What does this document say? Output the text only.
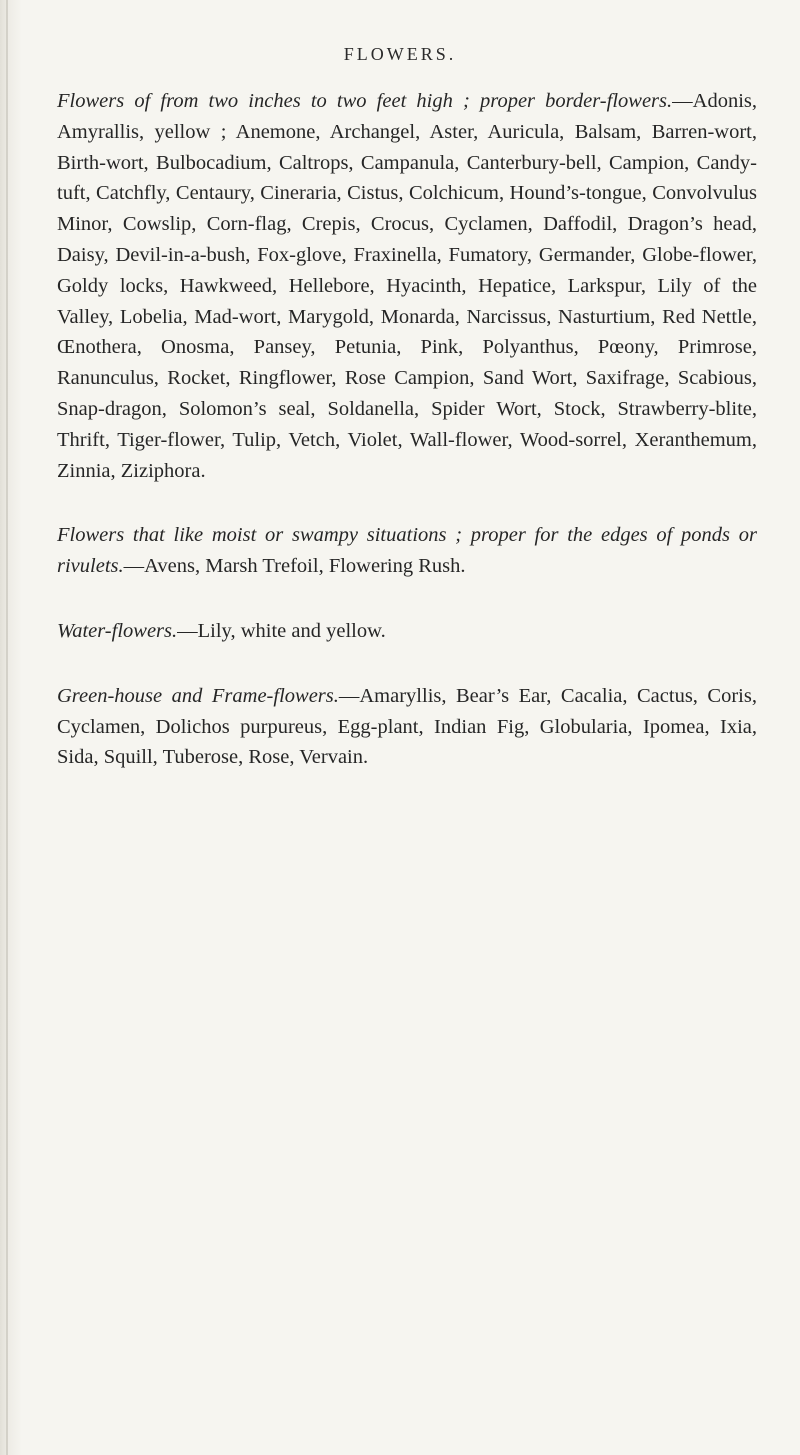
FLOWERS.

Flowers of from two inches to two feet high ; proper border-flowers.—Adonis, Amyrallis, yellow ; Anemone, Archangel, Aster, Auricula, Balsam, Barren-wort, Birth-wort, Bulbocadium, Caltrops, Campanula, Canterbury-bell, Campion, Candy-tuft, Catchfly, Centaury, Cineraria, Cistus, Colchicum, Hound’s-tongue, Convolvulus Minor, Cowslip, Corn-flag, Crepis, Crocus, Cyclamen, Daffodil, Dragon’s head, Daisy, Devil-in-a-bush, Fox-glove, Fraxinella, Fumatory, Germander, Globe-flower, Goldy locks, Hawkweed, Hellebore, Hyacinth, Hepatice, Larkspur, Lily of the Valley, Lobelia, Mad-wort, Marygold, Monarda, Narcissus, Nasturtium, Red Nettle, Œnothera, Onosma, Pansey, Petunia, Pink, Polyanthus, Pœony, Primrose, Ranunculus, Rocket, Ringflower, Rose Campion, Sand Wort, Saxifrage, Scabious, Snap-dragon, Solomon’s seal, Soldanella, Spider Wort, Stock, Strawberry-blite, Thrift, Tiger-flower, Tulip, Vetch, Violet, Wall-flower, Wood-sorrel, Xeranthemum, Zinnia, Ziziphora.

Flowers that like moist or swampy situations ; proper for the edges of ponds or rivulets.—Avens, Marsh Trefoil, Flowering Rush.

Water-flowers.—Lily, white and yellow.

Green-house and Frame-flowers.—Amaryllis, Bear’s Ear, Cacalia, Cactus, Coris, Cyclamen, Dolichos purpureus, Egg-plant, Indian Fig, Globularia, Ipomea, Ixia, Sida, Squill, Tuberose, Rose, Vervain.
